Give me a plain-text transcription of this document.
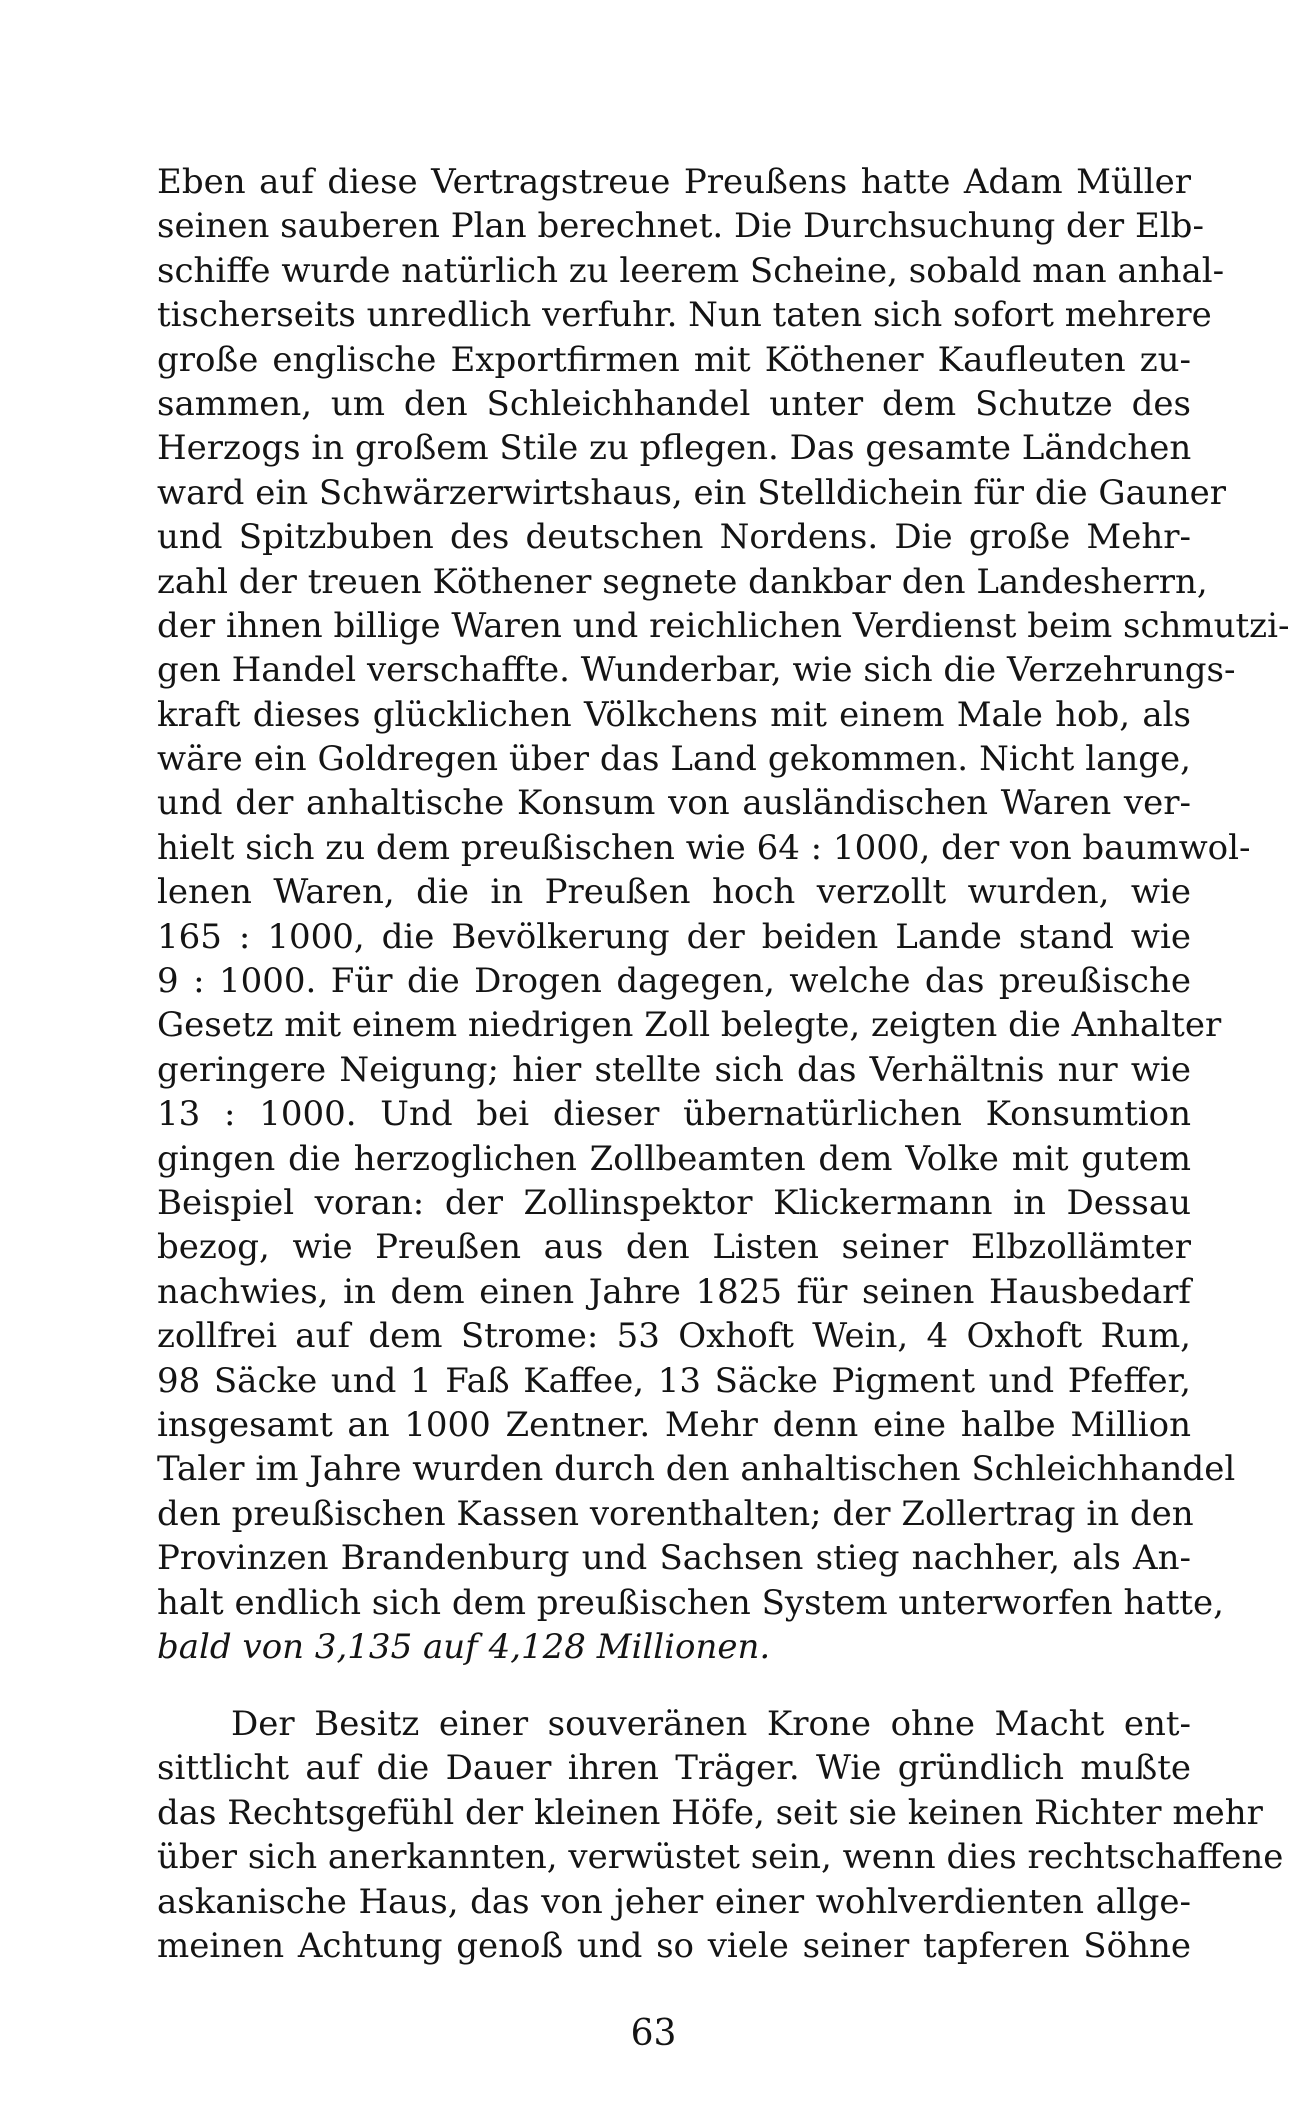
Eben auf diese Vertragstreue Preußens hatte Adam Müller
seinen sauberen Plan berechnet. Die Durchsuchung der Elb-
schiffe wurde natürlich zu leerem Scheine, sobald man anhal-
tischerseits unredlich verfuhr. Nun taten sich sofort mehrere
große englische Exportfirmen mit Köthener Kaufleuten zu-
sammen, um den Schleichhandel unter dem Schutze des
Herzogs in großem Stile zu pflegen. Das gesamte Ländchen
ward ein Schwärzerwirtshaus, ein Stelldichein für die Gauner
und Spitzbuben des deutschen Nordens. Die große Mehr-
zahl der treuen Köthener segnete dankbar den Landesherrn,
der ihnen billige Waren und reichlichen Verdienst beim schmutzi-
gen Handel verschaffte. Wunderbar, wie sich die Verzehrungs-
kraft dieses glücklichen Völkchens mit einem Male hob, als
wäre ein Goldregen über das Land gekommen. Nicht lange,
und der anhaltische Konsum von ausländischen Waren ver-
hielt sich zu dem preußischen wie 64 : 1000, der von baumwol-
lenen Waren, die in Preußen hoch verzollt wurden, wie
165 : 1000, die Bevölkerung der beiden Lande stand wie
9 : 1000. Für die Drogen dagegen, welche das preußische
Gesetz mit einem niedrigen Zoll belegte, zeigten die Anhalter
geringere Neigung; hier stellte sich das Verhältnis nur wie
13 : 1000. Und bei dieser übernatürlichen Konsumtion
gingen die herzoglichen Zollbeamten dem Volke mit gutem
Beispiel voran: der Zollinspektor Klickermann in Dessau
bezog, wie Preußen aus den Listen seiner Elbzollämter
nachwies, in dem einen Jahre 1825 für seinen Hausbedarf
zollfrei auf dem Strome: 53 Oxhoft Wein, 4 Oxhoft Rum,
98 Säcke und 1 Faß Kaffee, 13 Säcke Pigment und Pfeffer,
insgesamt an 1000 Zentner. Mehr denn eine halbe Million
Taler im Jahre wurden durch den anhaltischen Schleichhandel
den preußischen Kassen vorenthalten; der Zollertrag in den
Provinzen Brandenburg und Sachsen stieg nachher, als An-
halt endlich sich dem preußischen System unterworfen hatte,
bald von 3,135 auf 4,128 Millionen.
Der Besitz einer souveränen Krone ohne Macht ent-
sittlicht auf die Dauer ihren Träger. Wie gründlich mußte
das Rechtsgefühl der kleinen Höfe, seit sie keinen Richter mehr
über sich anerkannten, verwüstet sein, wenn dies rechtschaffene
askanische Haus, das von jeher einer wohlverdienten allge-
meinen Achtung genoß und so viele seiner tapferen Söhne
63
